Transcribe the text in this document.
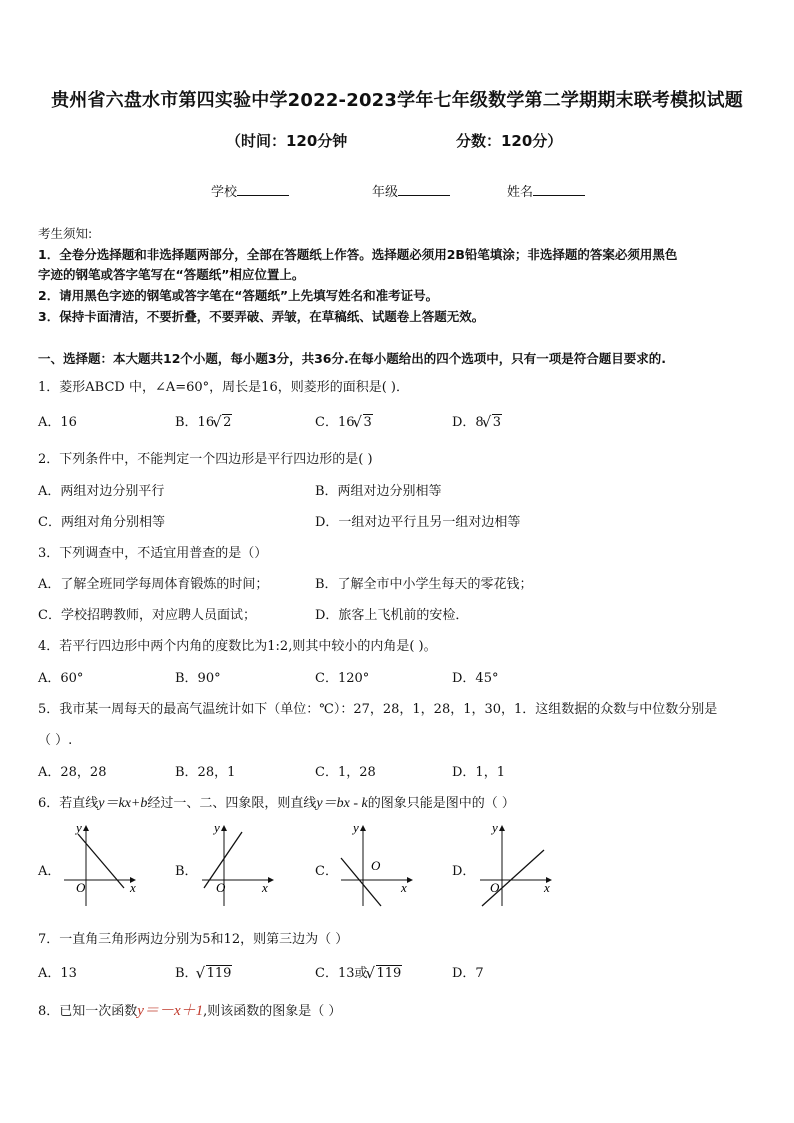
贵州省六盘水市第四实验中学2022-2023学年七年级数学第二学期期末联考模拟试题
（时间：120分钟	分数：120分）
学校	年级	姓名
考生须知:
1．全卷分选择题和非选择题两部分，全部在答题纸上作答。选择题必须用2B铅笔填涂；非选择题的答案必须用黑色
字迹的钢笔或答字笔写在“答题纸”相应位置上。
2．请用黑色字迹的钢笔或答字笔在“答题纸”上先填写姓名和准考证号。
3．保持卡面清洁，不要折叠，不要弄破、弄皱，在草稿纸、试题卷上答题无效。
一、选择题：本大题共12个小题，每小题3分，共36分.在每小题给出的四个选项中，只有一项是符合题目要求的.
1．菱形ABCD 中，∠A=60°，周长是16，则菱形的面积是( )．
A．16	B．16 √ 2	C．16 √ 3	D．8 √ 3
2．下列条件中，不能判定一个四边形是平行四边形的是( )
A．两组对边分别平行	B．两组对边分别相等
C．两组对角分别相等	D．一组对边平行且另一组对边相等
3．下列调查中，不适宜用普查的是（）
A．了解全班同学每周体育锻炼的时间；	B．了解全市中小学生每天的零花钱；
C．学校招聘教师，对应聘人员面试；	D．旅客上飞机前的安检．
4．若平行四边形中两个内角的度数比为1:2,则其中较小的内角是( )。
A．60°	B．90°	C．120°	D．45°
5．我市某一周每天的最高气温统计如下（单位：℃）：27，28，1，28，1，30，1．这组数据的众数与中位数分别是
（ ）.
A．28，28	B．28，1	C．1，28	D．1，1
6．若直线y＝kx+b经过一、二、四象限，则直线y＝bx - k的图象只能是图中的（ ）
A．	B．	C．	D．
y
x
O
y
x
O
y
x
O
y
x
O
7．一直角三角形两边分别为5和12，则第三边为（ ）
A．13	B． √ 119	C．13或 √ 119	D．7
8．已知一次函数y＝－x＋1,则该函数的图象是（ ）
